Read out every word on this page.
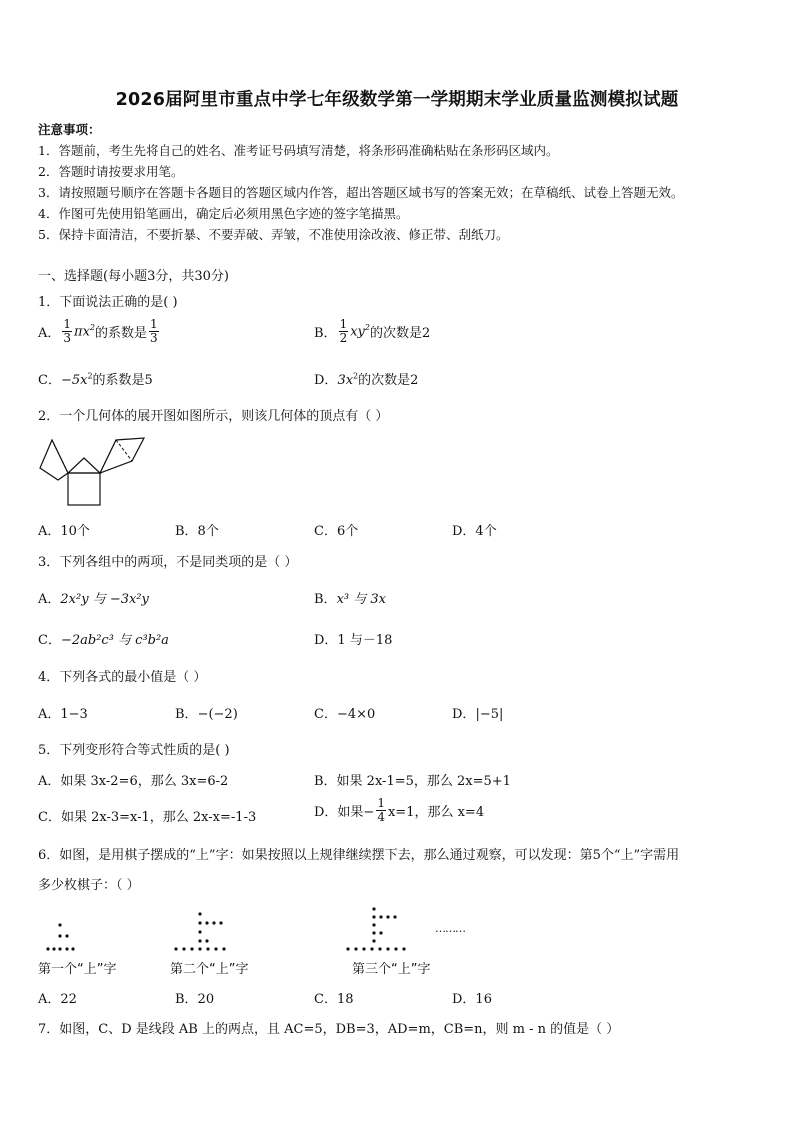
2026届阿里市重点中学七年级数学第一学期期末学业质量监测模拟试题
注意事项：
1．答题前，考生先将自己的姓名、准考证号码填写清楚，将条形码准确粘贴在条形码区域内。
2．答题时请按要求用笔。
3．请按照题号顺序在答题卡各题目的答题区域内作答，超出答题区域书写的答案无效；在草稿纸、试卷上答题无效。
4．作图可先使用铅笔画出，确定后必须用黑色字迹的签字笔描黑。
5．保持卡面清洁，不要折暴、不要弄破、弄皱，不准使用涂改液、修正带、刮纸刀。
一、选择题(每小题3分，共30分)
1．下面说法正确的是( )
A． $\frac{1}{3} \pi x^2$ 的系数是 $\frac{1}{3}$	B． $\frac{1}{2} xy^2$ 的次数是2
C．$-5x^2$的系数是5	D．$3x^2$的次数是2
2．一个几何体的展开图如图所示，则该几何体的顶点有（ ）
A．10个	B．8个	C．6个	D．4个
3．下列各组中的两项，不是同类项的是（ ）
A．2x²y 与 −3x²y	B．x³ 与 3x
C．−2ab²c³ 与 c³b²a	D．1 与－18
4．下列各式的最小值是（ ）
A．1−3	B．−(−2)	C．−4×0	D．|−5|
5．下列变形符合等式性质的是( )
A．如果 3x-2=6，那么 3x=6-2	B．如果 2x-1=5，那么 2x=5+1
C．如果 2x-3=x-1，那么 2x-x=-1-3	D．如果− $\frac{1}{4} x=1$，那么 x=4
6．如图，是用棋子摆成的“上”字：如果按照以上规律继续摆下去，那么通过观察，可以发现：第5个“上”字需用
多少枚棋子：（ ）
………
第一个“上”字	第二个“上”字	第三个“上”字
A．22	B．20	C．18	D．16
7．如图，C、D 是线段 AB 上的两点，且 AC=5，DB=3，AD=m，CB=n，则 m - n 的值是（ ）
